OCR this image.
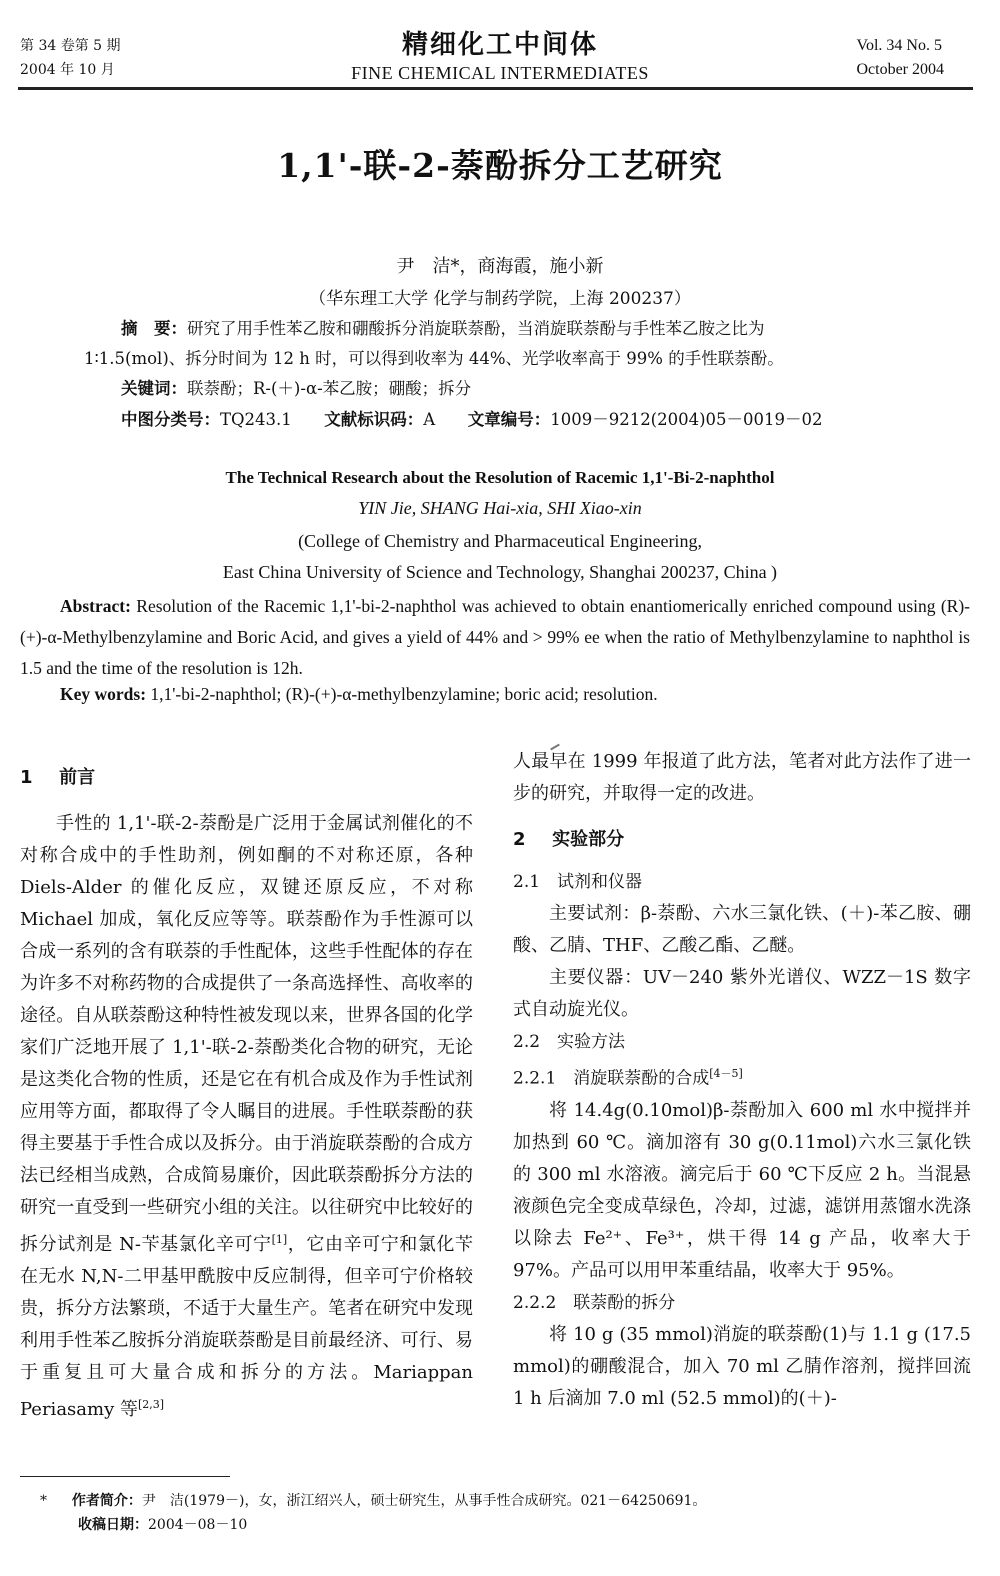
第 34 卷第 5 期
2004 年 10 月
精细化工中间体
FINE CHEMICAL INTERMEDIATES
Vol. 34 No. 5
October 2004
1,1'-联-2-萘酚拆分工艺研究
尹　洁*，商海霞，施小新
（华东理工大学 化学与制药学院，上海 200237）
摘　要：研究了用手性苯乙胺和硼酸拆分消旋联萘酚，当消旋联萘酚与手性苯乙胺之比为
1∶1.5(mol)、拆分时间为 12 h 时，可以得到收率为 44%、光学收率高于 99% 的手性联萘酚。
关键词：联萘酚；R-(＋)-α-苯乙胺；硼酸；拆分
中图分类号：TQ243.1 文献标识码：A 文章编号：1009－9212(2004)05－0019－02
The Technical Research about the Resolution of Racemic 1,1'-Bi-2-naphthol
YIN Jie, SHANG Hai-xia, SHI Xiao-xin
(College of Chemistry and Pharmaceutical Engineering,
East China University of Science and Technology, Shanghai 200237, China )
Abstract: Resolution of the Racemic 1,1'-bi-2-naphthol was achieved to obtain enantiomerically enriched compound using (R)-(+)-α-Methylbenzylamine and Boric Acid, and gives a yield of 44% and > 99% ee when the ratio of Methylbenzylamine to naphthol is 1.5 and the time of the resolution is 12h.
Key words: 1,1'-bi-2-naphthol; (R)-(+)-α-methylbenzylamine; boric acid; resolution.
1 前言

手性的 1,1'-联-2-萘酚是广泛用于金属试剂催化的不对称合成中的手性助剂，例如酮的不对称还原，各种 Diels-Alder 的催化反应，双键还原反应，不对称 Michael 加成，氧化反应等等。联萘酚作为手性源可以合成一系列的含有联萘的手性配体，这些手性配体的存在为许多不对称药物的合成提供了一条高选择性、高收率的途径。自从联萘酚这种特性被发现以来，世界各国的化学家们广泛地开展了 1,1'-联-2-萘酚类化合物的研究，无论是这类化合物的性质，还是它在有机合成及作为手性试剂应用等方面，都取得了令人瞩目的进展。手性联萘酚的获得主要基于手性合成以及拆分。由于消旋联萘酚的合成方法已经相当成熟，合成简易廉价，因此联萘酚拆分方法的研究一直受到一些研究小组的关注。以往研究中比较好的拆分试剂是 N-苄基氯化辛可宁[1]，它由辛可宁和氯化苄在无水 N,N-二甲基甲酰胺中反应制得，但辛可宁价格较贵，拆分方法繁琐，不适于大量生产。笔者在研究中发现利用手性苯乙胺拆分消旋联萘酚是目前最经济、可行、易于重复且可大量合成和拆分的方法。Mariappan Periasamy 等[2,3]

人最早在 1999 年报道了此方法，笔者对此方法作了进一步的研究，并取得一定的改进。

2 实验部分
2.1　试剂和仪器

主要试剂：β-萘酚、六水三氯化铁、(＋)-苯乙胺、硼酸、乙腈、THF、乙酸乙酯、乙醚。

主要仪器：UV－240 紫外光谱仪、WZZ－1S 数字式自动旋光仪。

2.2　实验方法
2.2.1　消旋联萘酚的合成[4－5]

将 14.4g(0.10mol)β-萘酚加入 600 ml 水中搅拌并加热到 60 ℃。滴加溶有 30 g(0.11mol)六水三氯化铁的 300 ml 水溶液。滴完后于 60 ℃下反应 2 h。当混悬液颜色完全变成草绿色，冷却，过滤，滤饼用蒸馏水洗涤以除去 Fe²⁺、Fe³⁺，烘干得 14 g 产品，收率大于 97%。产品可以用甲苯重结晶，收率大于 95%。

2.2.2　联萘酚的拆分

将 10 g (35 mmol)消旋的联萘酚(1)与 1.1 g (17.5 mmol)的硼酸混合，加入 70 ml 乙腈作溶剂，搅拌回流 1 h 后滴加 7.0 ml (52.5 mmol)的(＋)-

* 作者简介：尹　洁(1979－)，女，浙江绍兴人，硕士研究生，从事手性合成研究。021－64250691。
收稿日期：2004－08－10
